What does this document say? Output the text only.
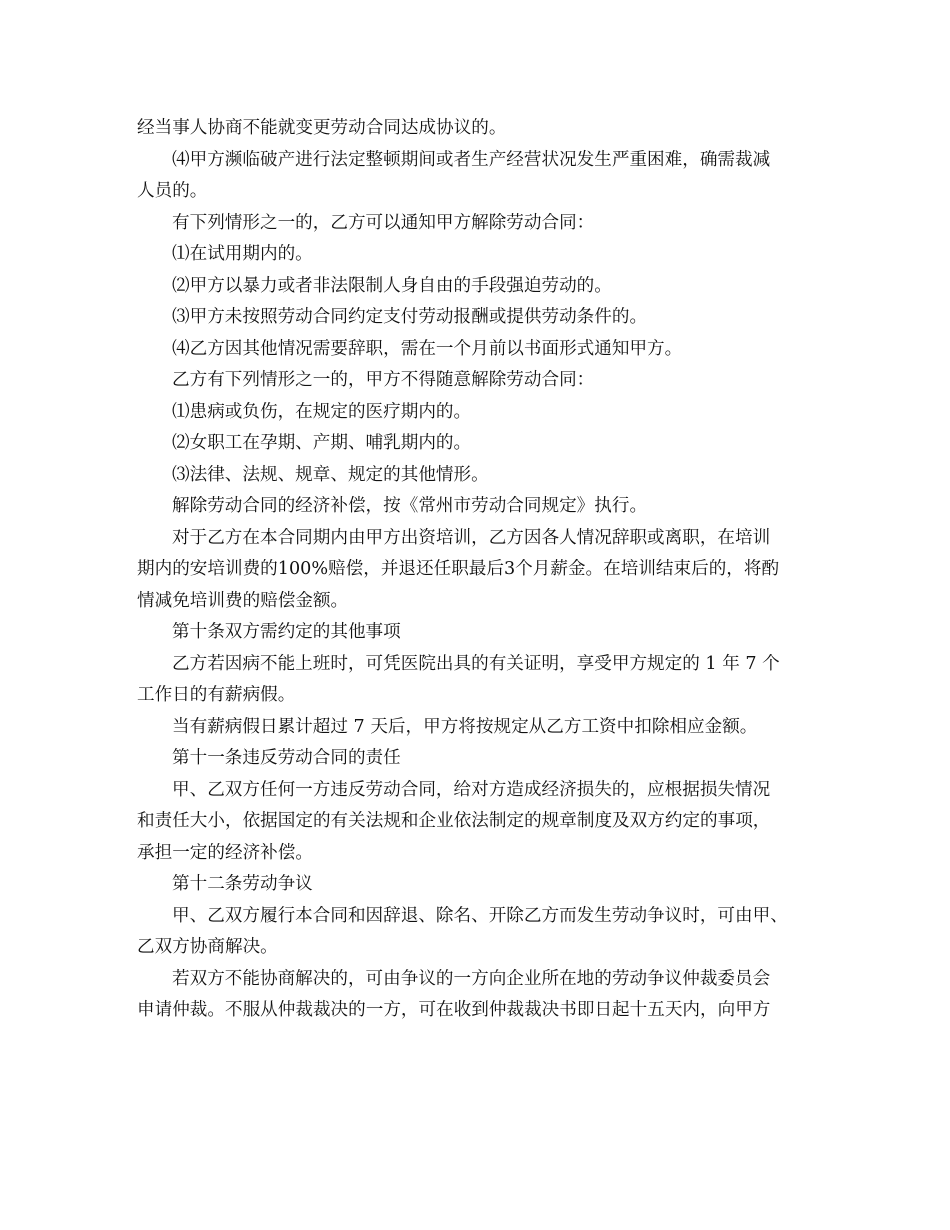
经当事人协商不能就变更劳动合同达成协议的。

⑷甲方濒临破产进行法定整顿期间或者生产经营状况发生严重困难，确需裁减

人员的。

有下列情形之一的，乙方可以通知甲方解除劳动合同：

⑴在试用期内的。

⑵甲方以暴力或者非法限制人身自由的手段强迫劳动的。

⑶甲方未按照劳动合同约定支付劳动报酬或提供劳动条件的。

⑷乙方因其他情况需要辞职，需在一个月前以书面形式通知甲方。

乙方有下列情形之一的，甲方不得随意解除劳动合同：

⑴患病或负伤，在规定的医疗期内的。

⑵女职工在孕期、产期、哺乳期内的。

⑶法律、法规、规章、规定的其他情形。

解除劳动合同的经济补偿，按《常州市劳动合同规定》执行。

对于乙方在本合同期内由甲方出资培训，乙方因各人情况辞职或离职，在培训

期内的安培训费的100%赔偿，并退还任职最后3个月薪金。在培训结束后的，将酌

情减免培训费的赔偿金额。

第十条双方需约定的其他事项

乙方若因病不能上班时，可凭医院出具的有关证明，享受甲方规定的 1 年 7 个

工作日的有薪病假。

当有薪病假日累计超过 7 天后，甲方将按规定从乙方工资中扣除相应金额。

第十一条违反劳动合同的责任

甲、乙双方任何一方违反劳动合同，给对方造成经济损失的，应根据损失情况

和责任大小，依据国定的有关法规和企业依法制定的规章制度及双方约定的事项，

承担一定的经济补偿。

第十二条劳动争议

甲、乙双方履行本合同和因辞退、除名、开除乙方而发生劳动争议时，可由甲、

乙双方协商解决。

若双方不能协商解决的，可由争议的一方向企业所在地的劳动争议仲裁委员会

申请仲裁。不服从仲裁裁决的一方，可在收到仲裁裁决书即日起十五天内，向甲方
